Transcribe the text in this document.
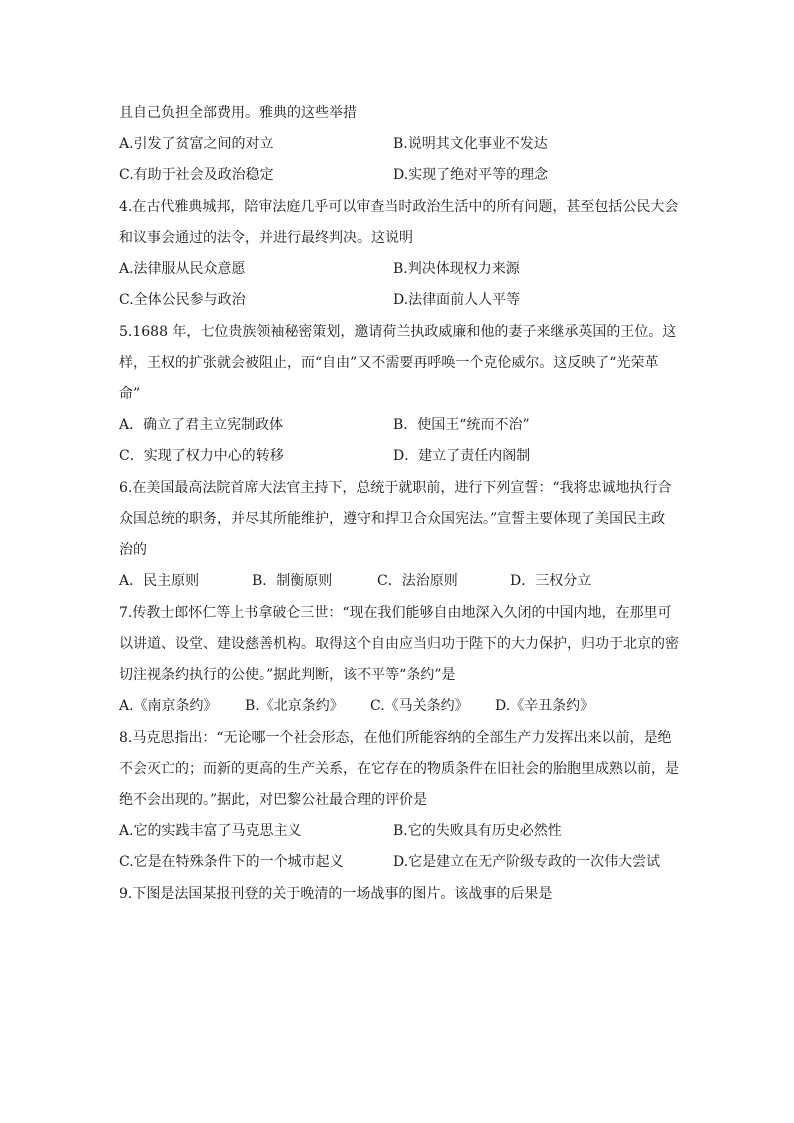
且自己负担全部费用。雅典的这些举措
A.引发了贫富之间的对立	B.说明其文化事业不发达
C.有助于社会及政治稳定	D.实现了绝对平等的理念
4.在古代雅典城邦，陪审法庭几乎可以审查当时政治生活中的所有问题，甚至包括公民大会
和议事会通过的法令，并进行最终判决。这说明
A.法律服从民众意愿	B.判决体现权力来源
C.全体公民参与政治	D.法律面前人人平等
5.1688 年，七位贵族领袖秘密策划，邀请荷兰执政威廉和他的妻子来继承英国的王位。这
样，王权的扩张就会被阻止，而“自由”又不需要再呼唤一个克伦威尔。这反映了“光荣革
命”
A．确立了君主立宪制政体	B．使国王“统而不治”
C．实现了权力中心的转移	D．建立了责任内阁制
6.在美国最高法院首席大法官主持下，总统于就职前，进行下列宣誓：“我将忠诚地执行合
众国总统的职务，并尽其所能维护，遵守和捍卫合众国宪法。”宣誓主要体现了美国民主政
治的
A．民主原则	B．制衡原则	C．法治原则	D．三权分立
7.传教士郎怀仁等上书拿破仑三世：“现在我们能够自由地深入久闭的中国内地，在那里可
以讲道、设堂、建设慈善机构。取得这个自由应当归功于陛下的大力保护，归功于北京的密
切注视条约执行的公使。”据此判断，该不平等“条约”是
A.《南京条约》 B.《北京条约》 C.《马关条约》 D.《辛丑条约》
8.马克思指出：“无论哪一个社会形态，在他们所能容纳的全部生产力发挥出来以前，是绝
不会灭亡的；而新的更高的生产关系，在它存在的物质条件在旧社会的胎胞里成熟以前，是
绝不会出现的。”据此，对巴黎公社最合理的评价是
A.它的实践丰富了马克思主义	B.它的失败具有历史必然性
C.它是在特殊条件下的一个城市起义	D.它是建立在无产阶级专政的一次伟大尝试
9.下图是法国某报刊登的关于晚清的一场战事的图片。该战事的后果是
